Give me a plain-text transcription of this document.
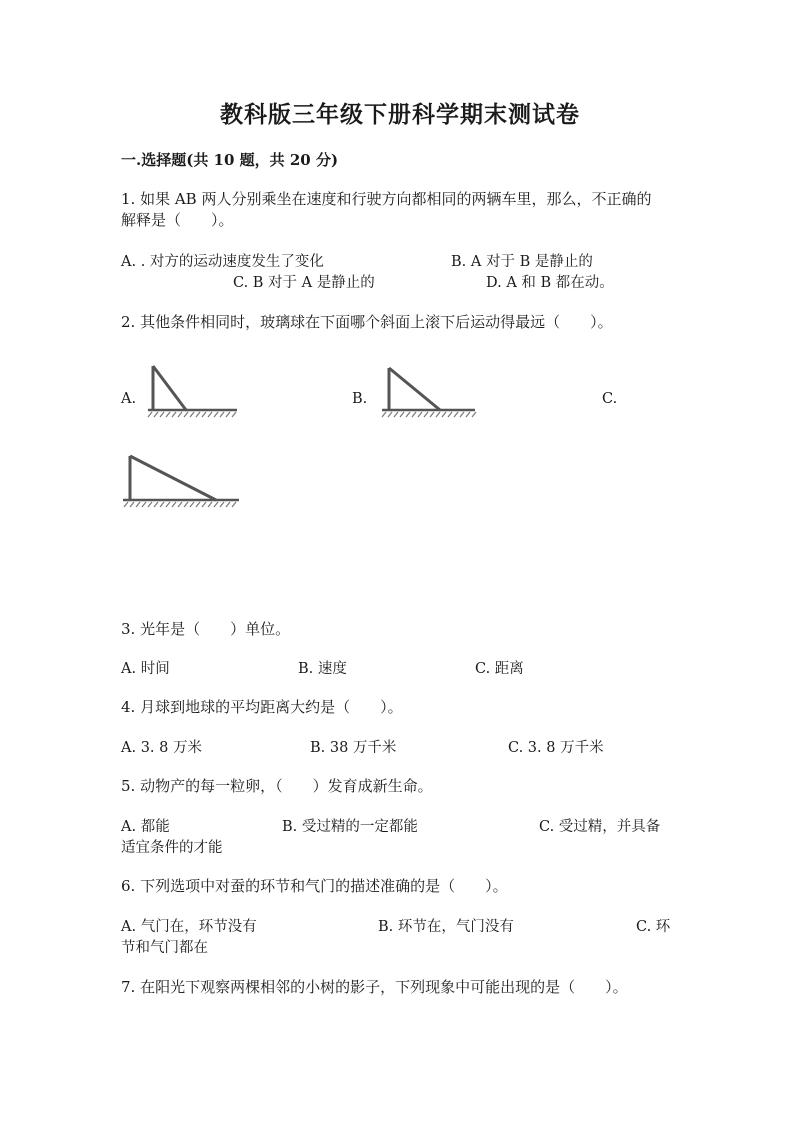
教科版三年级下册科学期末测试卷
一.选择题(共 10 题，共 20 分)
1. 如果 AB 两人分别乘坐在速度和行驶方向都相同的两辆车里，那么，不正确的
解释是（　　）。
A. . 对方的运动速度发生了变化	B. A 对于 B 是静止的
C. B 对于 A 是静止的	D. A 和 B 都在动。
2. 其他条件相同时，玻璃球在下面哪个斜面上滚下后运动得最远（　　）。
A.	B.	C.
3. 光年是（　　）单位。
A. 时间	B. 速度	C. 距离
4. 月球到地球的平均距离大约是（　　）。
A. 3. 8 万米	B. 38 万千米	C. 3. 8 万千米
5. 动物产的每一粒卵，（　　）发育成新生命。
A. 都能	B. 受过精的一定都能	C. 受过精，并具备
适宜条件的才能
6. 下列选项中对蚕的环节和气门的描述准确的是（　　）。
A. 气门在，环节没有	B. 环节在，气门没有	C. 环
节和气门都在
7. 在阳光下观察两棵相邻的小树的影子，下列现象中可能出现的是（　　）。
